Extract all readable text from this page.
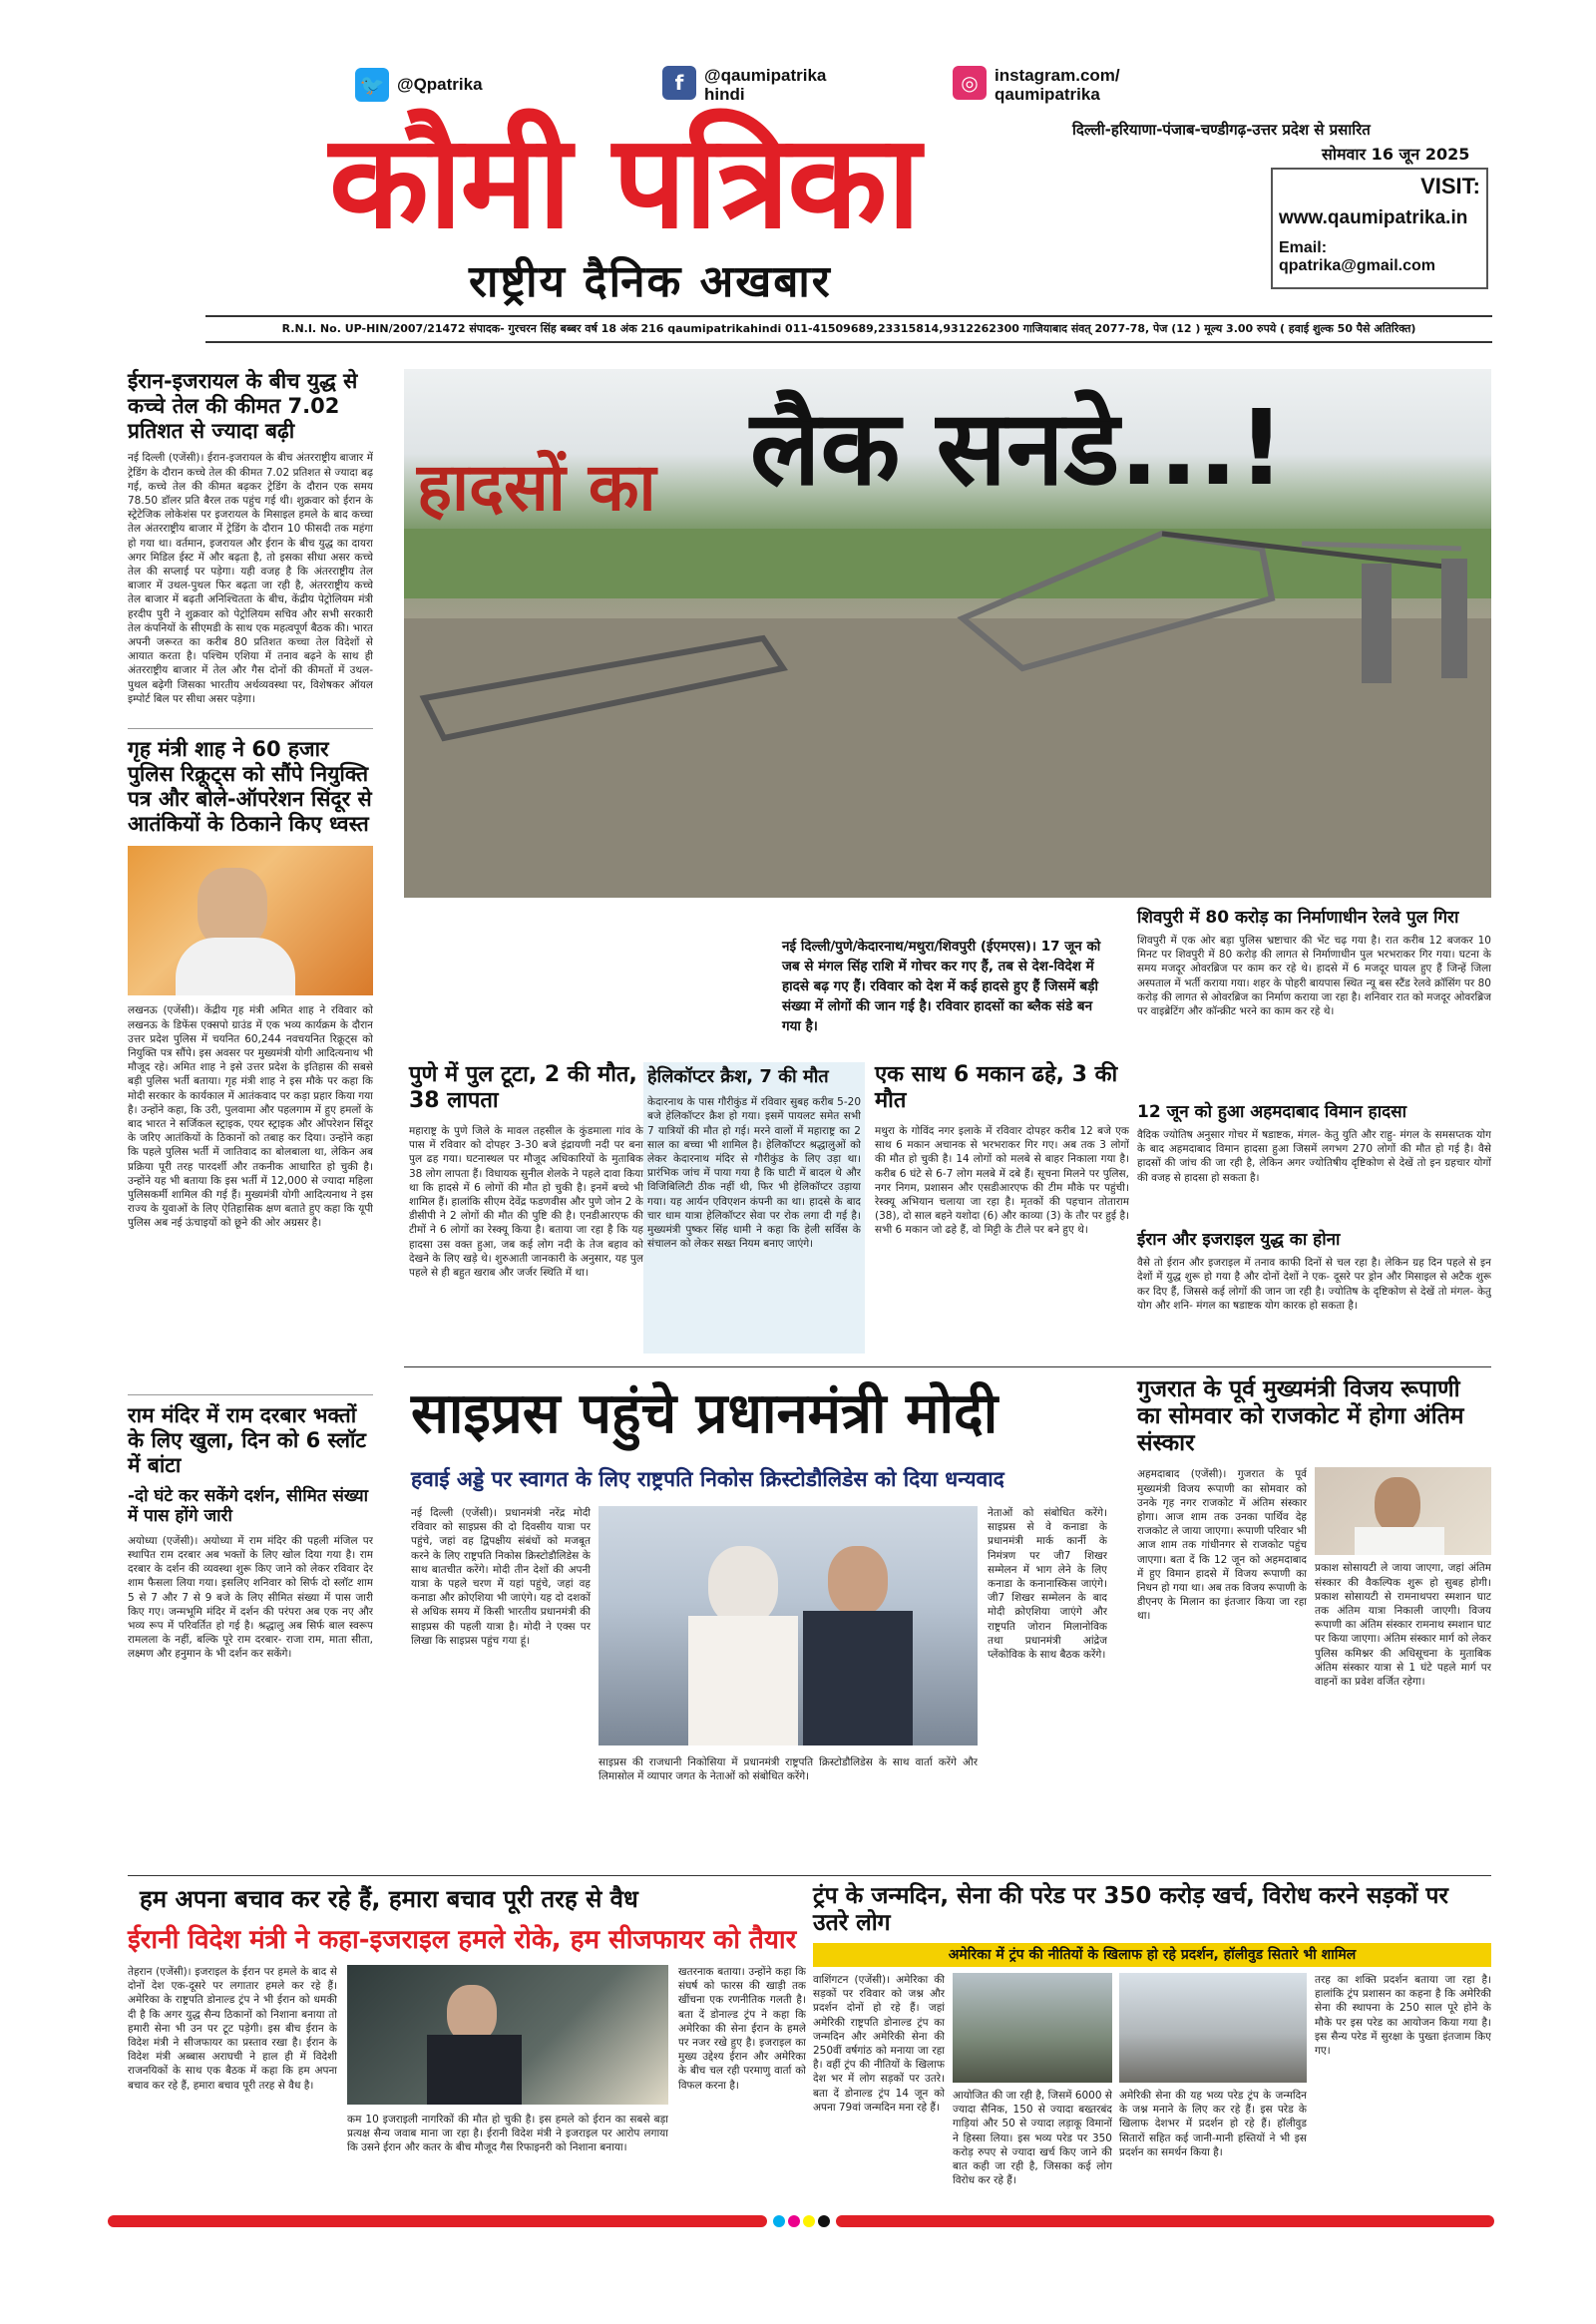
🐦 @Qpatrika	f	@qaumipatrika
hindi	◎ instagram.com/
qaumipatrika
कौमी पत्रिका
राष्ट्रीय दैनिक अखबार
दिल्ली-हरियाणा-पंजाब-चण्डीगढ़-उत्तर प्रदेश से प्रसारित
सोमवार 16 जून 2025
VISIT:
www.qaumipatrika.in
Email: qpatrika@gmail.com
R.N.I. No. UP-HIN/2007/21472 संपादक- गुरचरन सिंह बब्बर वर्ष 18 अंक 216 qaumipatrikahindi 011-41509689,23315814,9312262300 गाजियाबाद संवत् 2077-78, पेज (12 ) मूल्य 3.00 रुपये ( हवाई शुल्क 50 पैसे अतिरिक्त)
ईरान-इजरायल के बीच युद्ध से कच्चे तेल की कीमत 7.02 प्रतिशत से ज्यादा बढ़ी
नई दिल्ली (एजेंसी)। ईरान-इजरायल के बीच अंतरराष्ट्रीय बाजार में ट्रेडिंग के दौरान कच्चे तेल की कीमत 7.02 प्रतिशत से ज्यादा बढ़ गई, कच्चे तेल की कीमत बढ़कर ट्रेडिंग के दौरान एक समय 78.50 डॉलर प्रति बैरल तक पहुंच गई थी। शुक्रवार को ईरान के स्ट्रेटेजिक लोकेशंस पर इजरायल के मिसाइल हमले के बाद कच्चा तेल अंतरराष्ट्रीय बाजार में ट्रेडिंग के दौरान 10 फीसदी तक महंगा हो गया था। वर्तमान, इजरायल और ईरान के बीच युद्ध का दायरा अगर मिडिल ईस्ट में और बढ़ता है, तो इसका सीधा असर कच्चे तेल की सप्लाई पर पड़ेगा। यही वजह है कि अंतरराष्ट्रीय तेल बाजार में उथल-पुथल फिर बढ़ता जा रही है, अंतरराष्ट्रीय कच्चे तेल बाजार में बढ़ती अनिश्चितता के बीच, केंद्रीय पेट्रोलियम मंत्री हरदीप पुरी ने शुक्रवार को पेट्रोलियम सचिव और सभी सरकारी तेल कंपनियों के सीएमडी के साथ एक महत्वपूर्ण बैठक की। भारत अपनी जरूरत का करीब 80 प्रतिशत कच्चा तेल विदेशों से आयात करता है। पश्चिम एशिया में तनाव बढ़ने के साथ ही अंतरराष्ट्रीय बाजार में तेल और गैस दोनों की कीमतों में उथल-पुथल बढ़ेगी जिसका भारतीय अर्थव्यवस्था पर, विशेषकर ऑयल इम्पोर्ट बिल पर सीधा असर पड़ेगा।
गृह मंत्री शाह ने 60 हजार पुलिस रिक्रूट्स को सौंपे नियुक्ति पत्र और बोले-ऑपरेशन सिंदूर से आतंकियों के ठिकाने किए ध्वस्त
लखनऊ (एजेंसी)। केंद्रीय गृह मंत्री अमित शाह ने रविवार को लखनऊ के डिफेंस एक्सपो ग्राउंड में एक भव्य कार्यक्रम के दौरान उत्तर प्रदेश पुलिस में चयनित 60,244 नवचयनित रिक्रूट्स को नियुक्ति पत्र सौंपे। इस अवसर पर मुख्यमंत्री योगी आदित्यनाथ भी मौजूद रहे। अमित शाह ने इसे उत्तर प्रदेश के इतिहास की सबसे बड़ी पुलिस भर्ती बताया। गृह मंत्री शाह ने इस मौके पर कहा कि मोदी सरकार के कार्यकाल में आतंकवाद पर कड़ा प्रहार किया गया है। उन्होंने कहा, कि उरी, पुलवामा और पहलगाम में हुए हमलों के बाद भारत ने सर्जिकल स्ट्राइक, एयर स्ट्राइक और ऑपरेशन सिंदूर के जरिए आतंकियों के ठिकानों को तबाह कर दिया। उन्होंने कहा कि पहले पुलिस भर्ती में जातिवाद का बोलबाला था, लेकिन अब प्रक्रिया पूरी तरह पारदर्शी और तकनीक आधारित हो चुकी है। उन्होंने यह भी बताया कि इस भर्ती में 12,000 से ज्यादा महिला पुलिसकर्मी शामिल की गई हैं। मुख्यमंत्री योगी आदित्यनाथ ने इस राज्य के युवाओं के लिए ऐतिहासिक क्षण बताते हुए कहा कि यूपी पुलिस अब नई ऊंचाइयों को छूने की ओर अग्रसर है।
राम मंदिर में राम दरबार भक्तों के लिए खुला, दिन को 6 स्लॉट में बांटा
-दो घंटे कर सकेंगे दर्शन, सीमित संख्या में पास होंगे जारी
अयोध्या (एजेंसी)। अयोध्या में राम मंदिर की पहली मंजिल पर स्थापित राम दरबार अब भक्तों के लिए खोल दिया गया है। राम दरबार के दर्शन की व्यवस्था शुरू किए जाने को लेकर रविवार देर शाम फैसला लिया गया। इसलिए शनिवार को सिर्फ दो स्लॉट शाम 5 से 7 और 7 से 9 बजे के लिए सीमित संख्या में पास जारी किए गए। जन्मभूमि मंदिर में दर्शन की परंपरा अब एक नए और भव्य रूप में परिवर्तित हो गई है। श्रद्धालु अब सिर्फ बाल स्वरूप रामलला के नहीं, बल्कि पूरे राम दरबार- राजा राम, माता सीता, लक्ष्मण और हनुमान के भी दर्शन कर सकेंगे।
हादसों का लैक सनडे...!
नई दिल्ली/पुणे/केदारनाथ/मथुरा/शिवपुरी (ईएमएस)। 17 जून को जब से मंगल सिंह राशि में गोचर कर गए हैं, तब से देश-विदेश में हादसे बढ़ गए हैं। रविवार को देश में कई हादसे हुए हैं जिसमें बड़ी संख्या में लोगों की जान गई है। रविवार हादसों का ब्लैक संडे बन गया है।
शिवपुरी में 80 करोड़ का निर्माणाधीन रेलवे पुल गिरा
शिवपुरी में एक ओर बड़ा पुलिस भ्रष्टाचार की भेंट चढ़ गया है। रात करीब 12 बजकर 10 मिनट पर शिवपुरी में 80 करोड़ की लागत से निर्माणाधीन पुल भरभराकर गिर गया। घटना के समय मजदूर ओवरब्रिज पर काम कर रहे थे। हादसे में 6 मजदूर घायल हुए हैं जिन्हें जिला अस्पताल में भर्ती कराया गया। शहर के पोहरी बायपास स्थित न्यू बस स्टैंड रेलवे क्रॉसिंग पर 80 करोड़ की लागत से ओवरब्रिज का निर्माण कराया जा रहा है। शनिवार रात को मजदूर ओवरब्रिज पर वाइब्रेटिंग और कॉन्क्रीट भरने का काम कर रहे थे।
पुणे में पुल टूटा, 2 की मौत, 38 लापता
महाराष्ट्र के पुणे जिले के मावल तहसील के कुंडमाला गांव के पास में रविवार को दोपहर 3-30 बजे इंद्रायणी नदी पर बना पुल ढह गया। घटनास्थल पर मौजूद अधिकारियों के मुताबिक 38 लोग लापता हैं। विधायक सुनील शेलके ने पहले दावा किया था कि हादसे में 6 लोगों की मौत हो चुकी है। इनमें बच्चे भी शामिल हैं। हालांकि सीएम देवेंद्र फडणवीस और पुणे जोन 2 के डीसीपी ने 2 लोगों की मौत की पुष्टि की है। एनडीआरएफ की टीमों ने 6 लोगों का रेस्क्यू किया है। बताया जा रहा है कि यह हादसा उस वक्त हुआ, जब कई लोग नदी के तेज बहाव को देखने के लिए खड़े थे। शुरुआती जानकारी के अनुसार, यह पुल पहले से ही बहुत खराब और जर्जर स्थिति में था।
हेलिकॉप्टर क्रैश, 7 की मौत
केदारनाथ के पास गौरीकुंड में रविवार सुबह करीब 5-20 बजे हेलिकॉप्टर क्रैश हो गया। इसमें पायलट समेत सभी 7 यात्रियों की मौत हो गई। मरने वालों में महाराष्ट्र का 2 साल का बच्चा भी शामिल है। हेलिकॉप्टर श्रद्धालुओं को लेकर केदारनाथ मंदिर से गौरीकुंड के लिए उड़ा था। प्रारंभिक जांच में पाया गया है कि घाटी में बादल थे और विजिबिलिटी ठीक नहीं थी, फिर भी हेलिकॉप्टर उड़ाया गया। यह आर्यन एविएशन कंपनी का था। हादसे के बाद चार धाम यात्रा हेलिकॉप्टर सेवा पर रोक लगा दी गई है। मुख्यमंत्री पुष्कर सिंह धामी ने कहा कि हेली सर्विस के संचालन को लेकर सख्त नियम बनाए जाएंगे।
एक साथ 6 मकान ढहे, 3 की मौत
मथुरा के गोविंद नगर इलाके में रविवार दोपहर करीब 12 बजे एक साथ 6 मकान अचानक से भरभराकर गिर गए। अब तक 3 लोगों की मौत हो चुकी है। 14 लोगों को मलबे से बाहर निकाला गया है। करीब 6 घंटे से 6-7 लोग मलबे में दबे हैं। सूचना मिलने पर पुलिस, नगर निगम, प्रशासन और एसडीआरएफ की टीम मौके पर पहुंची। रेस्क्यू अभियान चलाया जा रहा है। मृतकों की पहचान तोताराम (38), दो साल बहने यशोदा (6) और काव्या (3) के तौर पर हुई है। सभी 6 मकान जो ढहे हैं, वो मिट्टी के टीले पर बने हुए थे।
12 जून को हुआ अहमदाबाद विमान हादसा
वैदिक ज्योतिष अनुसार गोचर में षडाष्टक, मंगल- केतु युति और राहु- मंगल के समसप्तक योग के बाद अहमदाबाद विमान हादसा हुआ जिसमें लगभग 270 लोगों की मौत हो गई है। वैसे हादसों की जांच की जा रही है, लेकिन अगर ज्योतिषीय दृष्टिकोण से देखें तो इन ग्रहचार योगों की वजह से हादसा हो सकता है।
ईरान और इजराइल युद्ध का होना
वैसे तो ईरान और इजराइल में तनाव काफी दिनों से चल रहा है। लेकिन ग्रह दिन पहले से इन देशों में युद्ध शुरू हो गया है और दोनों देशों ने एक- दूसरे पर ड्रोन और मिसाइल से अटैक शुरू कर दिए हैं, जिससे कई लोगों की जान जा रही है। ज्योतिष के दृष्टिकोण से देखें तो मंगल- केतु योग और शनि- मंगल का षडाष्टक योग कारक हो सकता है।
साइप्रस पहुंचे प्रधानमंत्री मोदी
हवाई अड्डे पर स्वागत के लिए राष्ट्रपति निकोस क्रिस्टोडौलिडेस को दिया धन्यवाद
नई दिल्ली (एजेंसी)। प्रधानमंत्री नरेंद्र मोदी रविवार को साइप्रस की दो दिवसीय यात्रा पर पहुंचे, जहां वह द्विपक्षीय संबंधों को मजबूत करने के लिए राष्ट्रपति निकोस क्रिस्टोडौलिडेस के साथ बातचीत करेंगे। मोदी तीन देशों की अपनी यात्रा के पहले चरण में यहां पहुंचे, जहां वह कनाडा और क्रोएशिया भी जाएंगे। यह दो दशकों से अधिक समय में किसी भारतीय प्रधानमंत्री की साइप्रस की पहली यात्रा है। मोदी ने एक्स पर लिखा कि साइप्रस पहुंच गया हूं।
साइप्रस की राजधानी निकोसिया में प्रधानमंत्री राष्ट्रपति क्रिस्टोडौलिडेस के साथ वार्ता करेंगे और लिमासोल में व्यापार जगत के नेताओं को संबोधित करेंगे।
नेताओं को संबोधित करेंगे। साइप्रस से वे कनाडा के प्रधानमंत्री मार्क कार्नी के निमंत्रण पर जी7 शिखर सम्मेलन में भाग लेने के लिए कनाडा के कनानास्किस जाएंगे। जी7 शिखर सम्मेलन के बाद मोदी क्रोएशिया जाएंगे और राष्ट्रपति जोरान मिलानोविक तथा प्रधानमंत्री आंद्रेज प्लेंकोविक के साथ बैठक करेंगे।
गुजरात के पूर्व मुख्यमंत्री विजय रूपाणी का सोमवार को राजकोट में होगा अंतिम संस्कार
अहमदाबाद (एजेंसी)। गुजरात के पूर्व मुख्यमंत्री विजय रूपाणी का सोमवार को उनके गृह नगर राजकोट में अंतिम संस्कार होगा। आज शाम तक उनका पार्थिव देह राजकोट ले जाया जाएगा। रूपाणी परिवार भी आज शाम तक गांधीनगर से राजकोट पहुंच जाएगा। बता दें कि 12 जून को अहमदाबाद में हुए विमान हादसे में विजय रूपाणी का निधन हो गया था। अब तक विजय रूपाणी के डीएनए के मिलान का इंतजार किया जा रहा था।
प्रकाश सोसायटी ले जाया जाएगा, जहां अंतिम संस्कार की वैकल्पिक शुरू हो सुबह होगी। प्रकाश सोसायटी से रामनाथपरा स्मशान घाट तक अंतिम यात्रा निकाली जाएगी। विजय रूपाणी का अंतिम संस्कार रामनाथ स्मशान घाट पर किया जाएगा। अंतिम संस्कार मार्ग को लेकर पुलिस कमिश्नर की अधिसूचना के मुताबिक अंतिम संस्कार यात्रा से 1 घंटे पहले मार्ग पर वाहनों का प्रवेश वर्जित रहेगा।
हम अपना बचाव कर रहे हैं, हमारा बचाव पूरी तरह से वैध
ईरानी विदेश मंत्री ने कहा-इजराइल हमले रोके, हम सीजफायर को तैयार
तेहरान (एजेंसी)। इजराइल के ईरान पर हमले के बाद से दोनों देश एक-दूसरे पर लगातार हमले कर रहे हैं। अमेरिका के राष्ट्रपति डोनाल्ड ट्रंप ने भी ईरान को धमकी दी है कि अगर युद्ध सैन्य ठिकानों को निशाना बनाया तो हमारी सेना भी उन पर टूट पड़ेगी। इस बीच ईरान के विदेश मंत्री ने सीजफायर का प्रस्ताव रखा है। ईरान के विदेश मंत्री अब्बास अराघची ने हाल ही में विदेशी राजनयिकों के साथ एक बैठक में कहा कि हम अपना बचाव कर रहे हैं, हमारा बचाव पूरी तरह से वैध है।
कम 10 इजराइली नागरिकों की मौत हो चुकी है। इस हमले को ईरान का सबसे बड़ा प्रत्यक्ष सैन्य जवाब माना जा रहा है। ईरानी विदेश मंत्री ने इजराइल पर आरोप लगाया कि उसने ईरान और कतर के बीच मौजूद गैस रिफाइनरी को निशाना बनाया।
खतरनाक बताया। उन्होंने कहा कि संघर्ष को फारस की खाड़ी तक खींचना एक रणनीतिक गलती है। बता दें डोनाल्ड ट्रंप ने कहा कि अमेरिका की सेना ईरान के हमले पर नजर रखे हुए है। इजराइल का मुख्य उद्देश्य ईरान और अमेरिका के बीच चल रही परमाणु वार्ता को विफल करना है।
ट्रंप के जन्मदिन, सेना की परेड पर 350 करोड़ खर्च, विरोध करने सड़कों पर उतरे लोग
अमेरिका में ट्रंप की नीतियों के खिलाफ हो रहे प्रदर्शन, हॉलीवुड सितारे भी शामिल
वाशिंगटन (एजेंसी)। अमेरिका की सड़कों पर रविवार को जश्न और प्रदर्शन दोनों हो रहे हैं। जहां अमेरिकी राष्ट्रपति डोनाल्ड ट्रंप का जन्मदिन और अमेरिकी सेना की 250वीं वर्षगांठ को मनाया जा रहा है। वहीं ट्रंप की नीतियों के खिलाफ देश भर में लोग सड़कों पर उतरे। बता दें डोनाल्ड ट्रंप 14 जून को अपना 79वां जन्मदिन मना रहे हैं।
आयोजित की जा रही है, जिसमें 6000 से ज्यादा सैनिक, 150 से ज्यादा बख्तरबंद गाड़ियां और 50 से ज्यादा लड़ाकू विमानों ने हिस्सा लिया। इस भव्य परेड पर 350 करोड़ रुपए से ज्यादा खर्च किए जाने की बात कही जा रही है, जिसका कई लोग विरोध कर रहे हैं।
अमेरिकी सेना की यह भव्य परेड ट्रंप के जन्मदिन के जश्न मनाने के लिए कर रहे हैं। इस परेड के खिलाफ देशभर में प्रदर्शन हो रहे हैं। हॉलीवुड सितारों सहित कई जानी-मानी हस्तियों ने भी इस प्रदर्शन का समर्थन किया है।
तरह का शक्ति प्रदर्शन बताया जा रहा है। हालांकि ट्रंप प्रशासन का कहना है कि अमेरिकी सेना की स्थापना के 250 साल पूरे होने के मौके पर इस परेड का आयोजन किया गया है। इस सैन्य परेड में सुरक्षा के पुख्ता इंतजाम किए गए।
